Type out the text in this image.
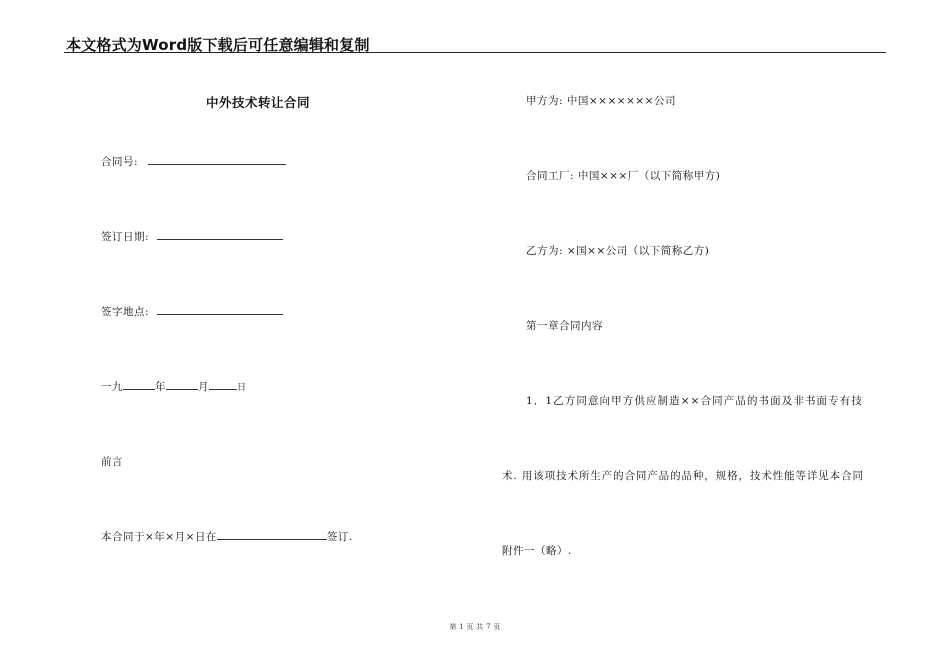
本文格式为Word版下载后可任意编辑和复制
中外技术转让合同
合同号:
签订日期:
签字地点:
一九	年	月	日
前言
本合同于×年×月×日在	签订.
甲方为: 中国×××××××公司
合同工厂: 中国×××厂（以下简称甲方)
乙方为: ×国××公司（以下简称乙方)
第一章合同内容
1．1乙方同意向甲方供应制造××合同产品的书面及非书面专有技
术. 用该项技术所生产的合同产品的品种，规格，技术性能等详见本合同
附件一（略）.
第 1 页 共 7 页
